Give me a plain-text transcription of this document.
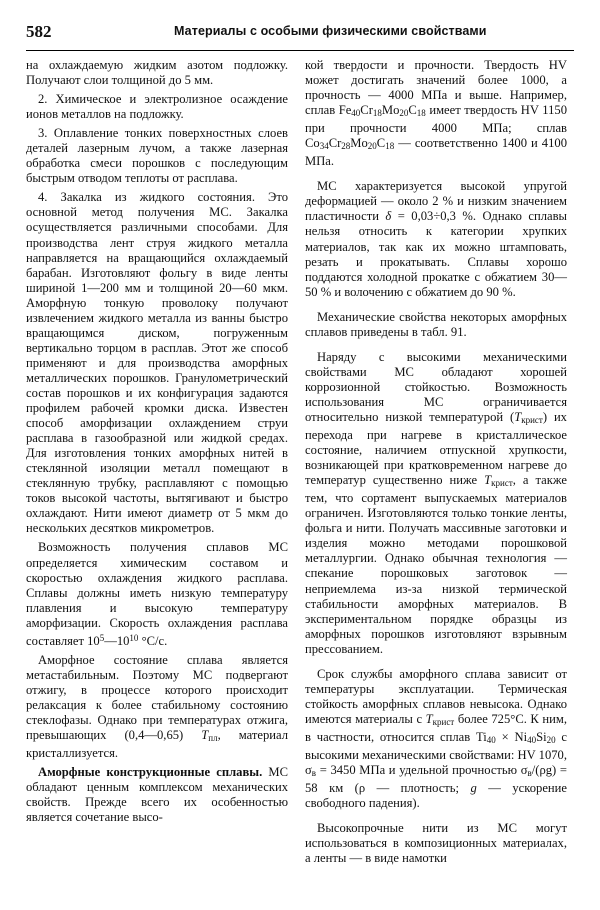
582	Материалы с особыми физическими свойствами

на охлаждаемую жидким азотом подложку. Получают слои толщиной до 5 мм.

2. Химическое и электролизное осаждение ионов металлов на подложку.

3. Оплавление тонких поверхностных слоев деталей лазерным лучом, а также лазерная обработка смеси порошков с последующим быстрым отводом теплоты от расплава.

4. Закалка из жидкого состояния. Это основной метод получения МС. Закалка осуществляется различными способами. Для производства лент струя жидкого металла направляется на вращающийся охлаждаемый барабан. Изготовляют фольгу в виде ленты шириной 1—200 мм и толщиной 20—60 мкм. Аморфную тонкую проволоку получают извлечением жидкого металла из ванны быстро вращающимся диском, погруженным вертикально торцом в расплав. Этот же способ применяют и для производства аморфных металлических порошков. Гранулометрический состав порошков и их конфигурация задаются профилем рабочей кромки диска. Известен способ аморфизации охлаждением струи расплава в газообразной или жидкой средах. Для изготовления тонких аморфных нитей в стеклянной изоляции металл помещают в стеклянную трубку, расплавляют с помощью токов высокой частоты, вытягивают и быстро охлаждают. Нити имеют диаметр от 5 мкм до нескольких десятков микрометров.

Возможность получения сплавов МС определяется химическим составом и скоростью охлаждения жидкого расплава. Сплавы должны иметь низкую температуру плавления и высокую температуру аморфизации. Скорость охлаждения расплава составляет $10^5—10^{10}$ °С/с.

Аморфное состояние сплава является метастабильным. Поэтому МС подвергают отжигу, в процессе которого происходит релаксация к более стабильному состоянию стеклофазы. Однако при температурах отжига, превышающих (0,4—0,65) $T_{пл}$, материал кристаллизуется.

Аморфные конструкционные сплавы. МС обладают ценным комплексом механических свойств. Прежде всего их особенностью является сочетание высо-

кой твердости и прочности. Твердость HV может достигать значений более 1000, а прочность — 4000 МПа и выше. Например, сплав $Fe_{40}Cr_{18}Mo_{20}C_{18}$ имеет твердость HV 1150 при прочности 4000 МПа; сплав $Co_{34}Cr_{28}Mo_{20}C_{18}$ — соответственно 1400 и 4100 МПа.

МС характеризуется высокой упругой деформацией — около 2 % и низким значением пластичности δ = 0,03÷0,3 %. Однако сплавы нельзя относить к категории хрупких материалов, так как их можно штамповать, резать и прокатывать. Сплавы хорошо поддаются холодной прокатке с обжатием 30—50 % и волочению с обжатием до 90 %.

Механические свойства некоторых аморфных сплавов приведены в табл. 91.

Наряду с высокими механическими свойствами МС обладают хорошей коррозионной стойкостью. Возможность использования МС ограничивается относительно низкой температурой $(T_{крист})$ их перехода при нагреве в кристаллическое состояние, наличием отпускной хрупкости, возникающей при кратковременном нагреве до температур существенно ниже $T_{крист}$, а также тем, что сортамент выпускаемых материалов ограничен. Изготовляются только тонкие ленты, фольга и нити. Получать массивные заготовки и изделия можно методами порошковой металлургии. Однако обычная технология — спекание порошковых заготовок — неприемлема из-за низкой термической стабильности аморфных материалов. В экспериментальном порядке образцы из аморфных порошков изготовляют взрывным прессованием.

Срок службы аморфного сплава зависит от температуры эксплуатации. Термическая стойкость аморфных сплавов невысока. Однако имеются материалы с $T_{крист}$ более 725°С. К ним, в частности, относится сплав $Ti_{40} \times Ni_{40}Si_{20}$ с высокими механическими свойствами: HV 1070, $\sigma_в = 3450$ МПа и удельной прочностью $\sigma_в/(\rho g) = 58$ км (ρ — плотность; g — ускорение свободного падения).

Высокопрочные нити из МС могут использоваться в композиционных материалах, а ленты — в виде намотки
